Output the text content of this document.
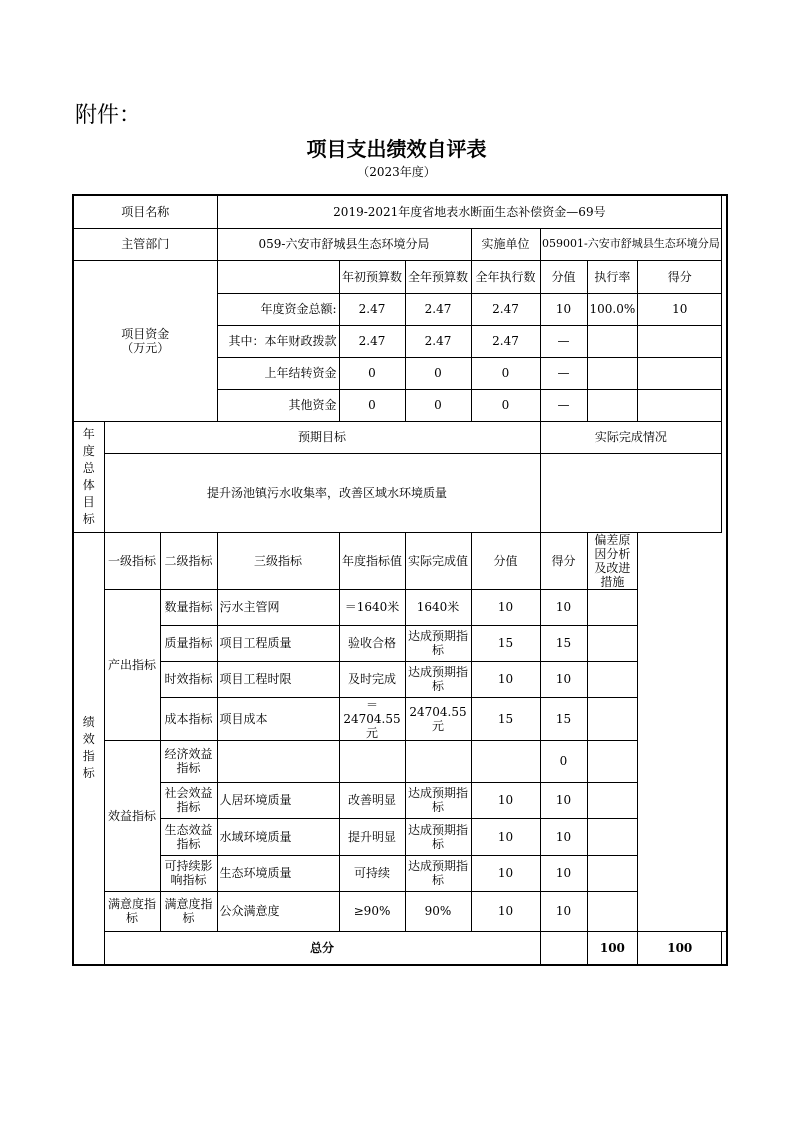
附件：
项目支出绩效自评表
（2023年度）
项目名称			2019-2021年度省地表水断面生态补偿资金—69号							
主管部门			059-六安市舒城县生态环境分局			实施单位	059001-六安市舒城县生态环境分局			

项目资金
（万元）				年初预算数	全年预算数	全年执行数	分值	执行率	得分	
			年度资金总额:	2.47	2.47	2.47	10	100.0%	10	
			其中：本年财政拨款	2.47	2.47	2.47	—			
			上年结转资金	0	0	0	—			
			其他资金	0	0	0	—			

年度总体目标	预期目标						实际完成情况			
	提升汤池镇污水收集率，改善区域水环境质量									

绩效指标	一级指标	二级指标	三级指标	年度指标值	实际完成值	分值	得分	偏差原因分析及改进措施		
	产出指标	数量指标	污水主管网	＝1640米	1640米	10	10			
		质量指标	项目工程质量	验收合格	达成预期指标	15	15			
		时效指标	项目工程时限	及时完成	达成预期指标	10	10			
		成本指标	项目成本	＝24704.55元	24704.55元	15	15			
	效益指标	经济效益指标					0			
		社会效益指标	人居环境质量	改善明显	达成预期指标	10	10			
		生态效益指标	水域环境质量	提升明显	达成预期指标	10	10			
		可持续影响指标	生态环境质量	可持续	达成预期指标	10	10			
	满意度指标	满意度指标	公众满意度	≥90%	90%	10	10			
	总分							100	100	
